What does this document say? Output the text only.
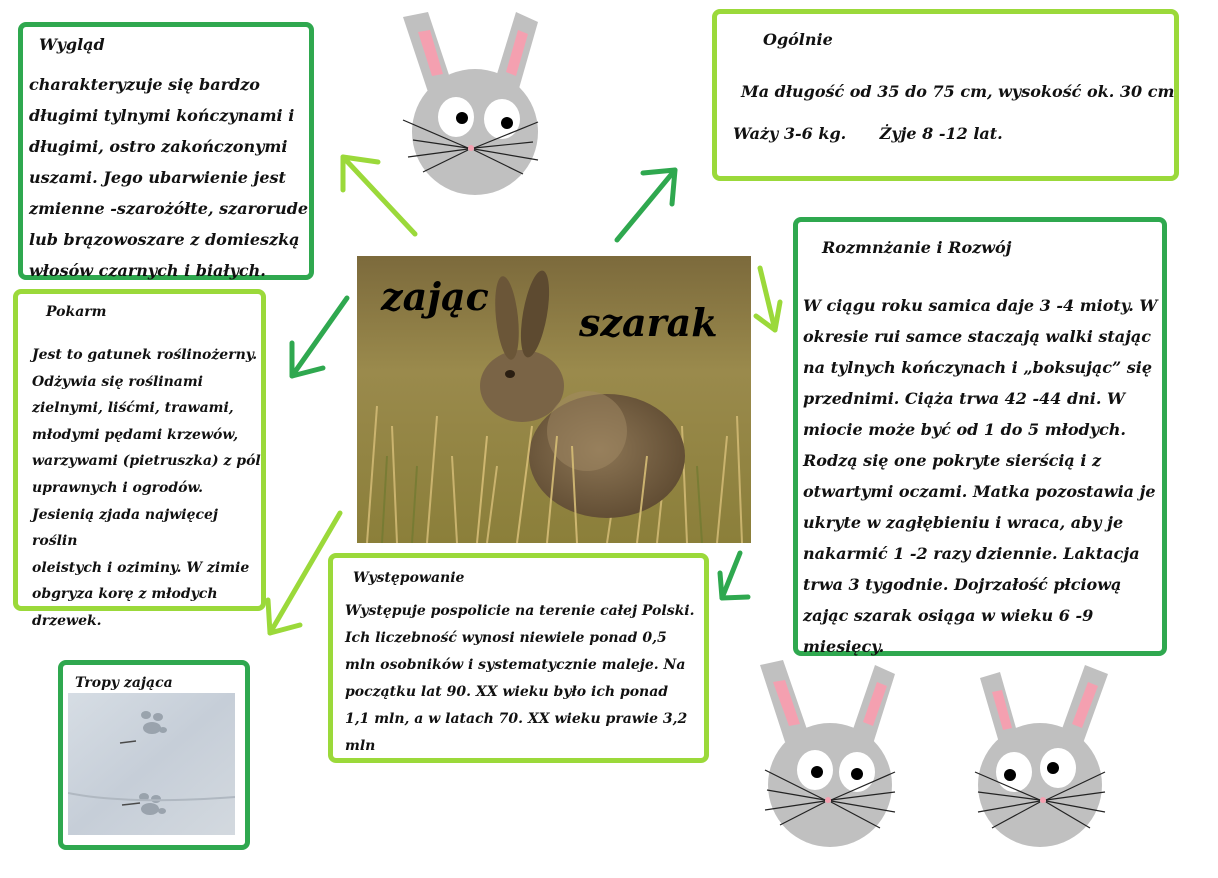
Wygląd

charakteryzuje się bardzo

długimi tylnymi kończynami i

długimi, ostro zakończonymi

uszami. Jego ubarwienie jest

zmienne -szarożółte, szarorude

lub brązowoszare z domieszką

włosów czarnych i białych.

Ogólnie
Ma długość od 35 do 75 cm, wysokość ok. 30 cm
Waży 3-6 kg.      Żyje 8 -12 lat.
Pokarm

Jest to gatunek roślinożerny.

Odżywia się roślinami

zielnymi, liśćmi, trawami,

młodymi pędami krzewów,

warzywami (pietruszka) z pól

uprawnych i ogrodów.

Jesienią zjada najwięcej roślin

oleistych i oziminy. W zimie

obgryza korę z młodych

drzewek.

Rozmnżanie i Rozwój

W ciągu roku samica daje 3 -4 mioty. W

okresie rui samce staczają walki stając

na tylnych kończynach i „boksując” się

przednimi. Ciąża trwa 42 -44 dni. W

miocie może być od 1 do 5 młodych.

Rodzą się one pokryte sierścią i z

otwartymi oczami. Matka pozostawia je

ukryte w zagłębieniu i wraca, aby je

nakarmić 1 -2 razy dziennie. Laktacja

trwa 3 tygodnie. Dojrzałość płciową

zając szarak osiąga w wieku 6 -9

miesięcy.

Występowanie

Występuje pospolicie na terenie całej Polski.

Ich liczebność wynosi niewiele ponad 0,5

mln osobników i systematycznie maleje. Na

początku lat 90. XX wieku było ich ponad

1,1 mln, a w latach 70. XX wieku prawie 3,2

mln

Tropy zająca
zając
szarak
